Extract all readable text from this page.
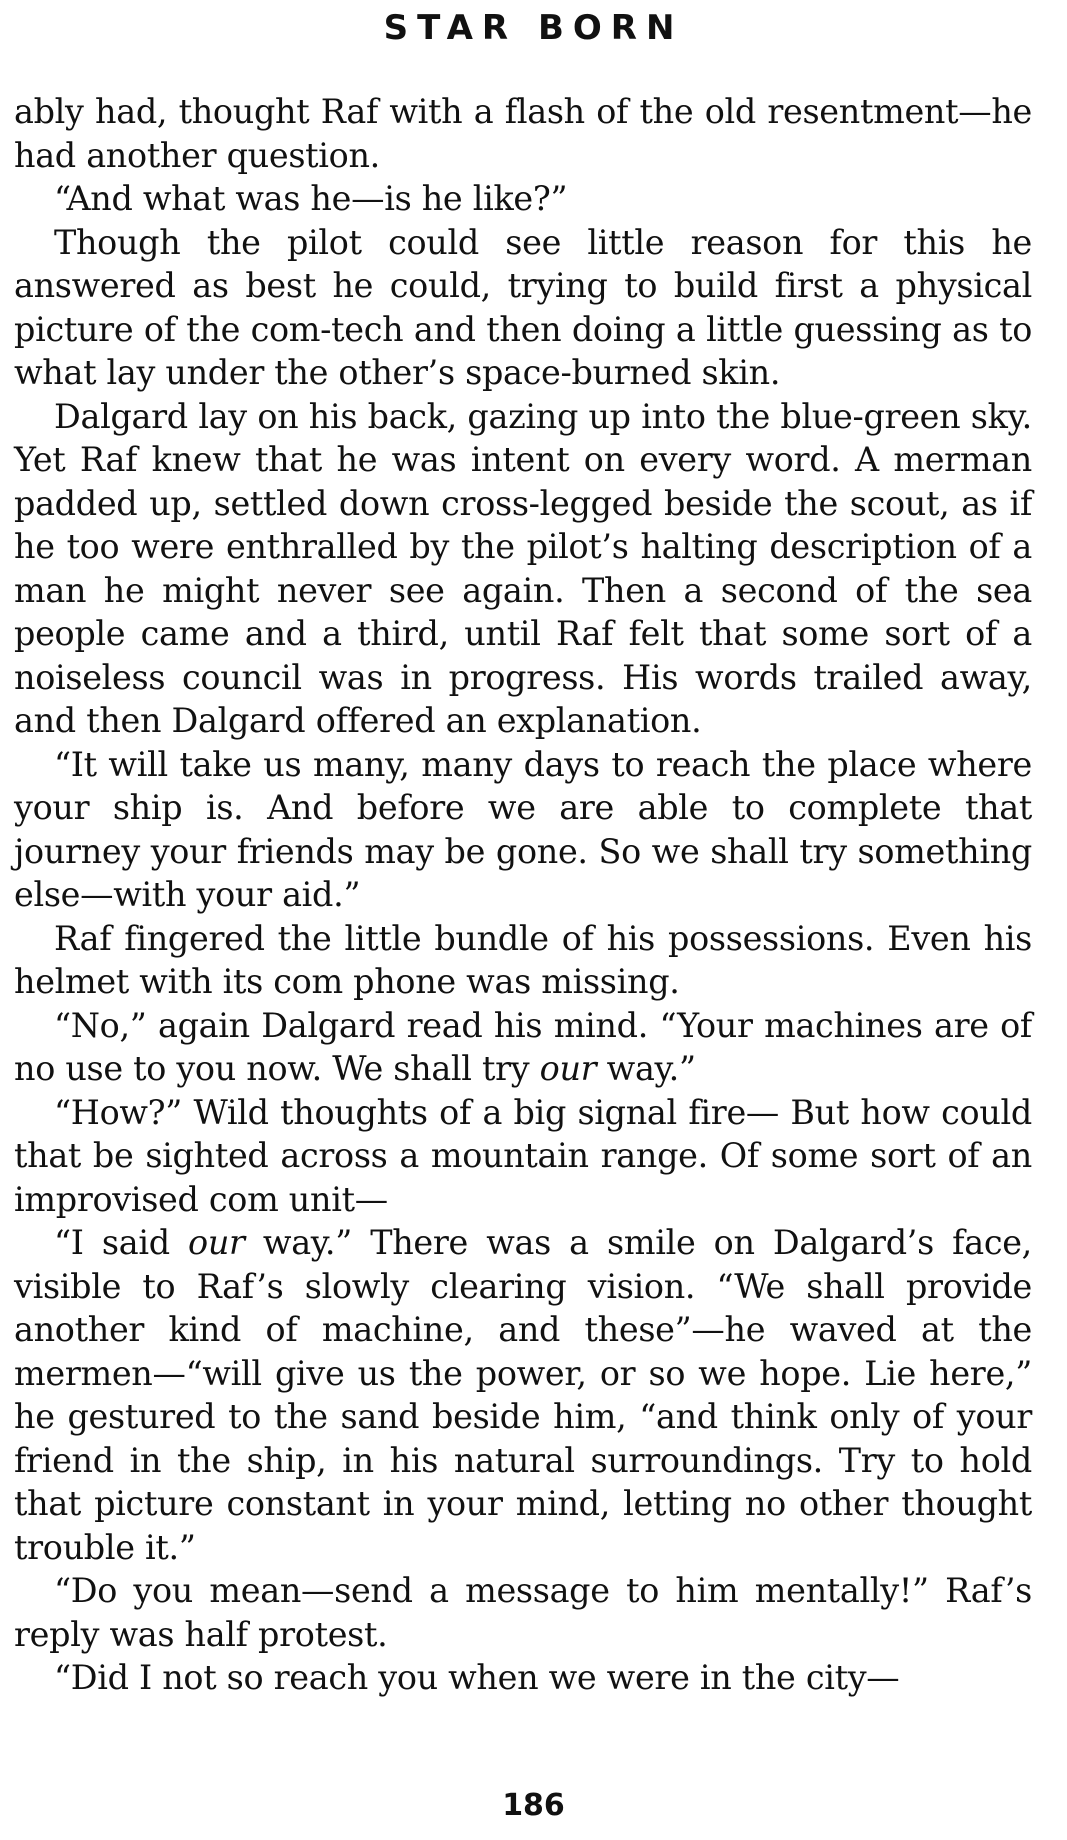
STAR BORN

ably had, thought Raf with a flash of the old resentment—he had another question.

“And what was he—is he like?”

Though the pilot could see little reason for this he answered as best he could, trying to build first a physical picture of the com-tech and then doing a little guessing as to what lay under the other’s space-burned skin.

Dalgard lay on his back, gazing up into the blue-green sky. Yet Raf knew that he was intent on every word. A merman padded up, settled down cross-legged beside the scout, as if he too were enthralled by the pilot’s halting description of a man he might never see again. Then a second of the sea people came and a third, until Raf felt that some sort of a noiseless council was in progress. His words trailed away, and then Dalgard offered an explanation.

“It will take us many, many days to reach the place where your ship is. And before we are able to complete that journey your friends may be gone. So we shall try something else—with your aid.”

Raf fingered the little bundle of his possessions. Even his helmet with its com phone was missing.

“No,” again Dalgard read his mind. “Your machines are of no use to you now. We shall try our way.”

“How?” Wild thoughts of a big signal fire— But how could that be sighted across a mountain range. Of some sort of an improvised com unit—

“I said our way.” There was a smile on Dalgard’s face, visible to Raf’s slowly clearing vision. “We shall provide another kind of machine, and these”—he waved at the mermen—“will give us the power, or so we hope. Lie here,” he gestured to the sand beside him, “and think only of your friend in the ship, in his natural surroundings. Try to hold that picture constant in your mind, letting no other thought trouble it.”

“Do you mean—send a message to him mentally!” Raf’s reply was half protest.

“Did I not so reach you when we were in the city—

186
